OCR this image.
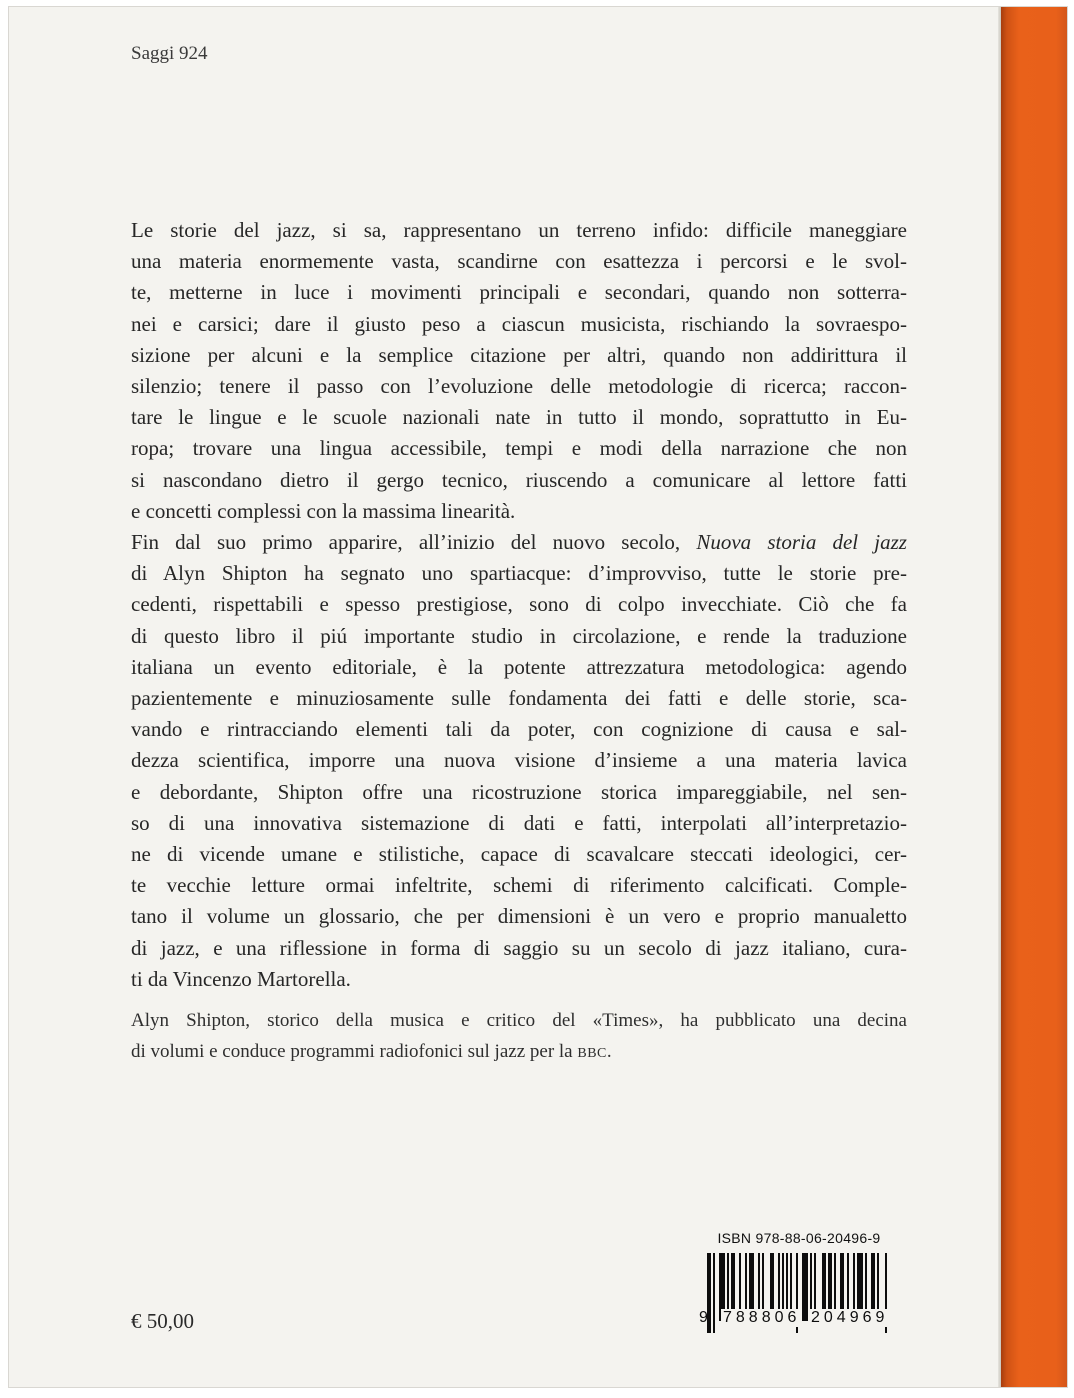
Saggi 924

Le storie del jazz, si sa, rappresentano un terreno infido: difficile maneggiare
una materia enormemente vasta, scandirne con esattezza i percorsi e le svol-
te, metterne in luce i movimenti principali e secondari, quando non sotterra-
nei e carsici; dare il giusto peso a ciascun musicista, rischiando la sovraespo-
sizione per alcuni e la semplice citazione per altri, quando non addirittura il
silenzio; tenere il passo con l’evoluzione delle metodologie di ricerca; raccon-
tare le lingue e le scuole nazionali nate in tutto il mondo, soprattutto in Eu-
ropa; trovare una lingua accessibile, tempi e modi della narrazione che non
si nascondano dietro il gergo tecnico, riuscendo a comunicare al lettore fatti
e concetti complessi con la massima linearità.

Fin dal suo primo apparire, all’inizio del nuovo secolo, Nuova storia del jazz
di Alyn Shipton ha segnato uno spartiacque: d’improvviso, tutte le storie pre-
cedenti, rispettabili e spesso prestigiose, sono di colpo invecchiate. Ciò che fa
di questo libro il piú importante studio in circolazione, e rende la traduzione
italiana un evento editoriale, è la potente attrezzatura metodologica: agendo
pazientemente e minuziosamente sulle fondamenta dei fatti e delle storie, sca-
vando e rintracciando elementi tali da poter, con cognizione di causa e sal-
dezza scientifica, imporre una nuova visione d’insieme a una materia lavica
e debordante, Shipton offre una ricostruzione storica impareggiabile, nel sen-
so di una innovativa sistemazione di dati e fatti, interpolati all’interpretazio-
ne di vicende umane e stilistiche, capace di scavalcare steccati ideologici, cer-
te vecchie letture ormai infeltrite, schemi di riferimento calcificati. Comple-
tano il volume un glossario, che per dimensioni è un vero e proprio manualetto
di jazz, e una riflessione in forma di saggio su un secolo di jazz italiano, cura-
ti da Vincenzo Martorella.

Alyn Shipton, storico della musica e critico del «Times», ha pubblicato una decina
di volumi e conduce programmi radiofonici sul jazz per la BBC.
€ 50,00
ISBN 978-88-06-20496-9
9 788806 204969
